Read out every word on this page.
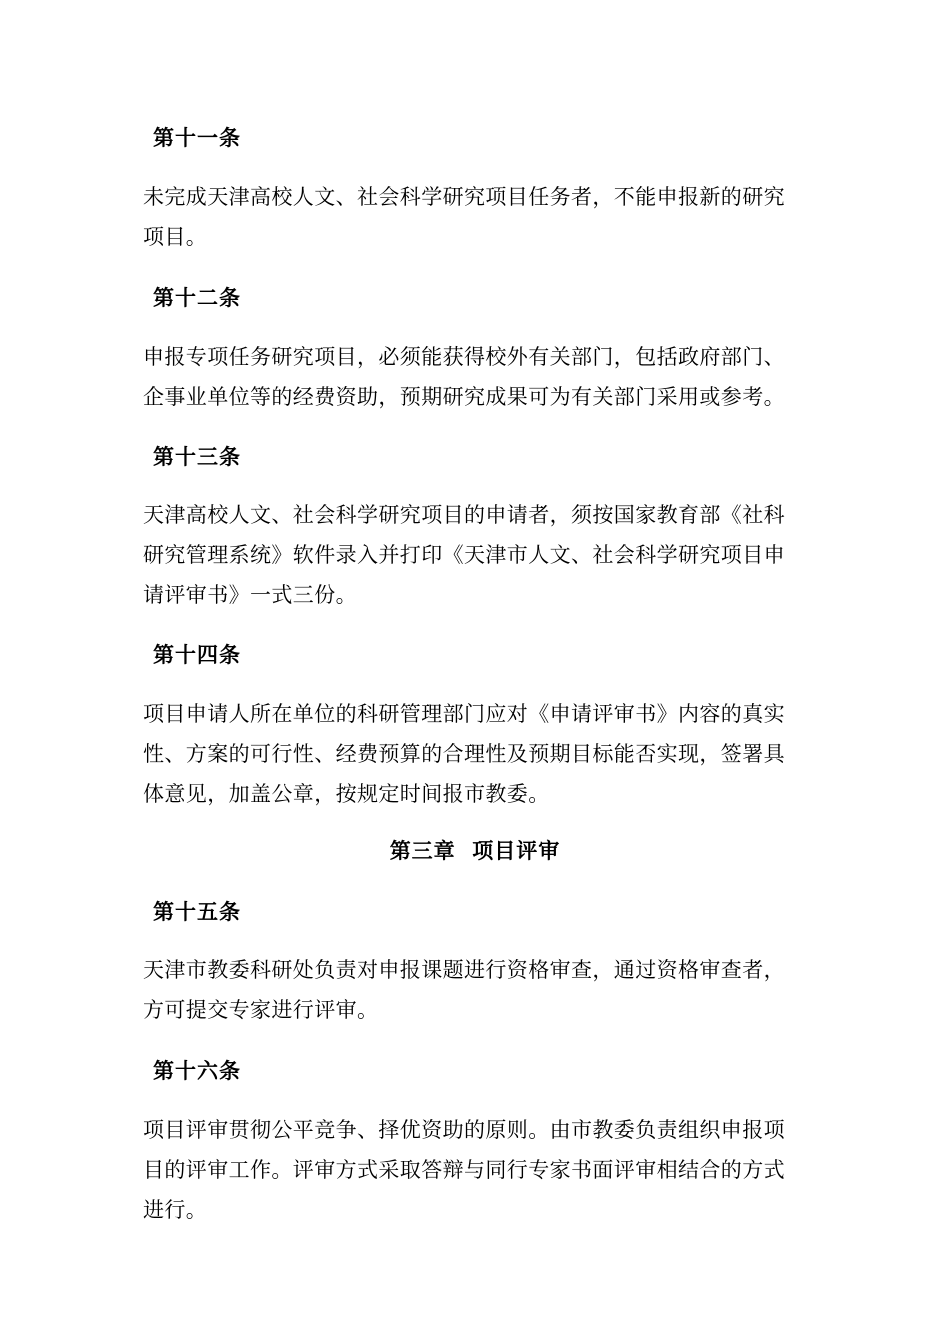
第十一条
未完成天津高校人文、社会科学研究项目任务者，不能申报新的研究
项目。
第十二条
申报专项任务研究项目，必须能获得校外有关部门，包括政府部门、
企事业单位等的经费资助，预期研究成果可为有关部门采用或参考。
第十三条
天津高校人文、社会科学研究项目的申请者，须按国家教育部《社科
研究管理系统》软件录入并打印《天津市人文、社会科学研究项目申
请评审书》一式三份。
第十四条
项目申请人所在单位的科研管理部门应对《申请评审书》内容的真实
性、方案的可行性、经费预算的合理性及预期目标能否实现，签署具
体意见，加盖公章，按规定时间报市教委。
第三章  项目评审
第十五条
天津市教委科研处负责对申报课题进行资格审查，通过资格审查者，
方可提交专家进行评审。
第十六条
项目评审贯彻公平竞争、择优资助的原则。由市教委负责组织申报项
目的评审工作。评审方式采取答辩与同行专家书面评审相结合的方式
进行。
